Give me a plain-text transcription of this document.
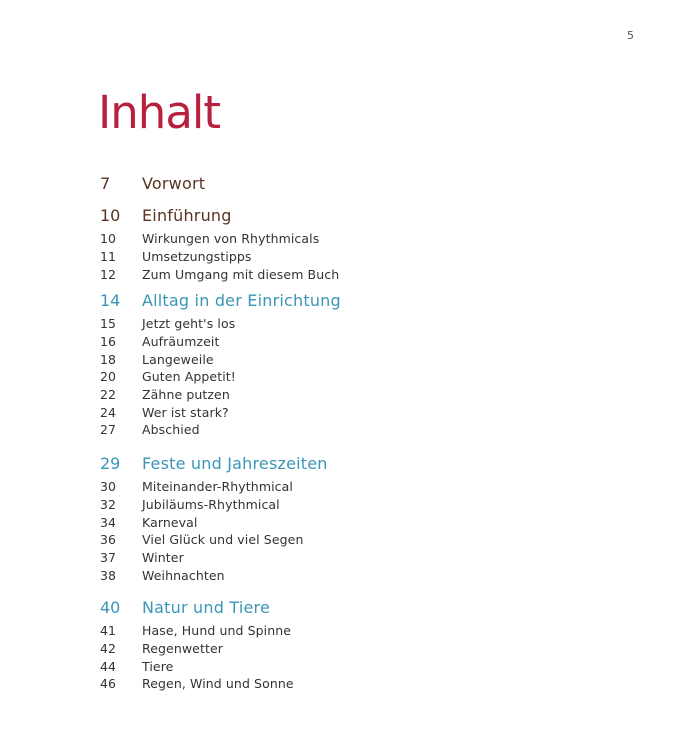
5
Inhalt
7	Vorwort
10	Einführung
10	Wirkungen von Rhythmicals
11	Umsetzungstipps
12	Zum Umgang mit diesem Buch
14	Alltag in der Einrichtung
15	Jetzt geht's los
16	Aufräumzeit
18	Langeweile
20	Guten Appetit!
22	Zähne putzen
24	Wer ist stark?
27	Abschied
29	Feste und Jahreszeiten
30	Miteinander-Rhythmical
32	Jubiläums-Rhythmical
34	Karneval
36	Viel Glück und viel Segen
37	Winter
38	Weihnachten
40	Natur und Tiere
41	Hase, Hund und Spinne
42	Regenwetter
44	Tiere
46	Regen, Wind und Sonne
